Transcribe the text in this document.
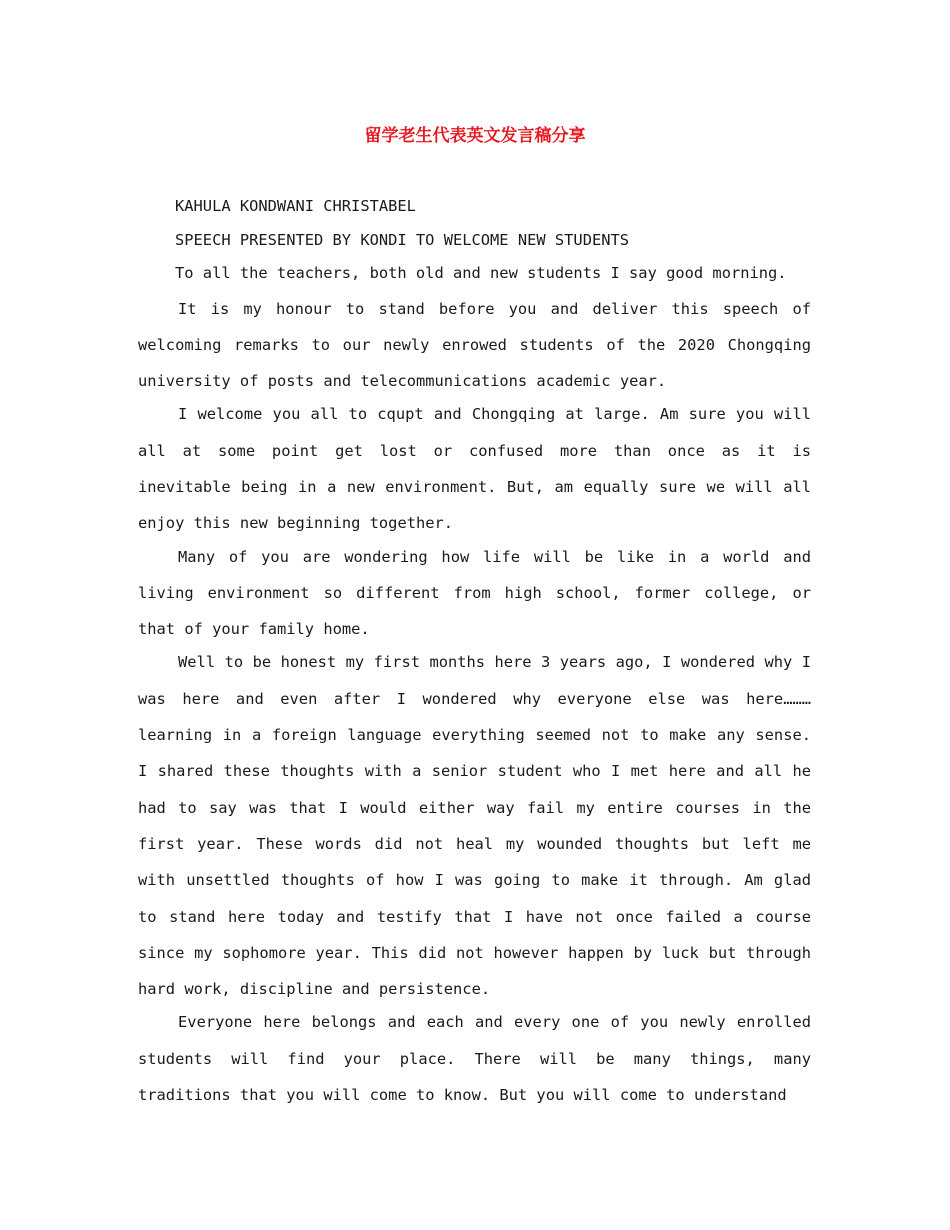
留学老生代表英文发言稿分享

KAHULA KONDWANI CHRISTABEL

SPEECH PRESENTED BY KONDI TO WELCOME NEW STUDENTS

To all the teachers, both old and new students I say good morning.

It is my honour to stand before you and deliver this speech of welcoming remarks to our newly enrowed students of the 2020 Chongqing university of posts and telecommunications academic year.

I welcome you all to cqupt and Chongqing at large. Am sure you will all at some point get lost or confused more than once as it is inevitable being in a new environment. But, am equally sure we will all enjoy this new beginning together.

Many of you are wondering how life will be like in a world and living environment so different from high school, former college, or that of your family home.

Well to be honest my first months here 3 years ago, I wondered why I was here and even after I wondered why everyone else was here……… learning in a foreign language everything seemed not to make any sense. I shared these thoughts with a senior student who I met here and all he had to say was that I would either way fail my entire courses in the first year. These words did not heal my wounded thoughts but left me with unsettled thoughts of how I was going to make it through. Am glad to stand here today and testify that I have not once failed a course since my sophomore year. This did not however happen by luck but through hard work, discipline and persistence.

Everyone here belongs and each and every one of you newly enrolled students will find your place. There will be many things, many traditions that you will come to know. But you will come to understand
